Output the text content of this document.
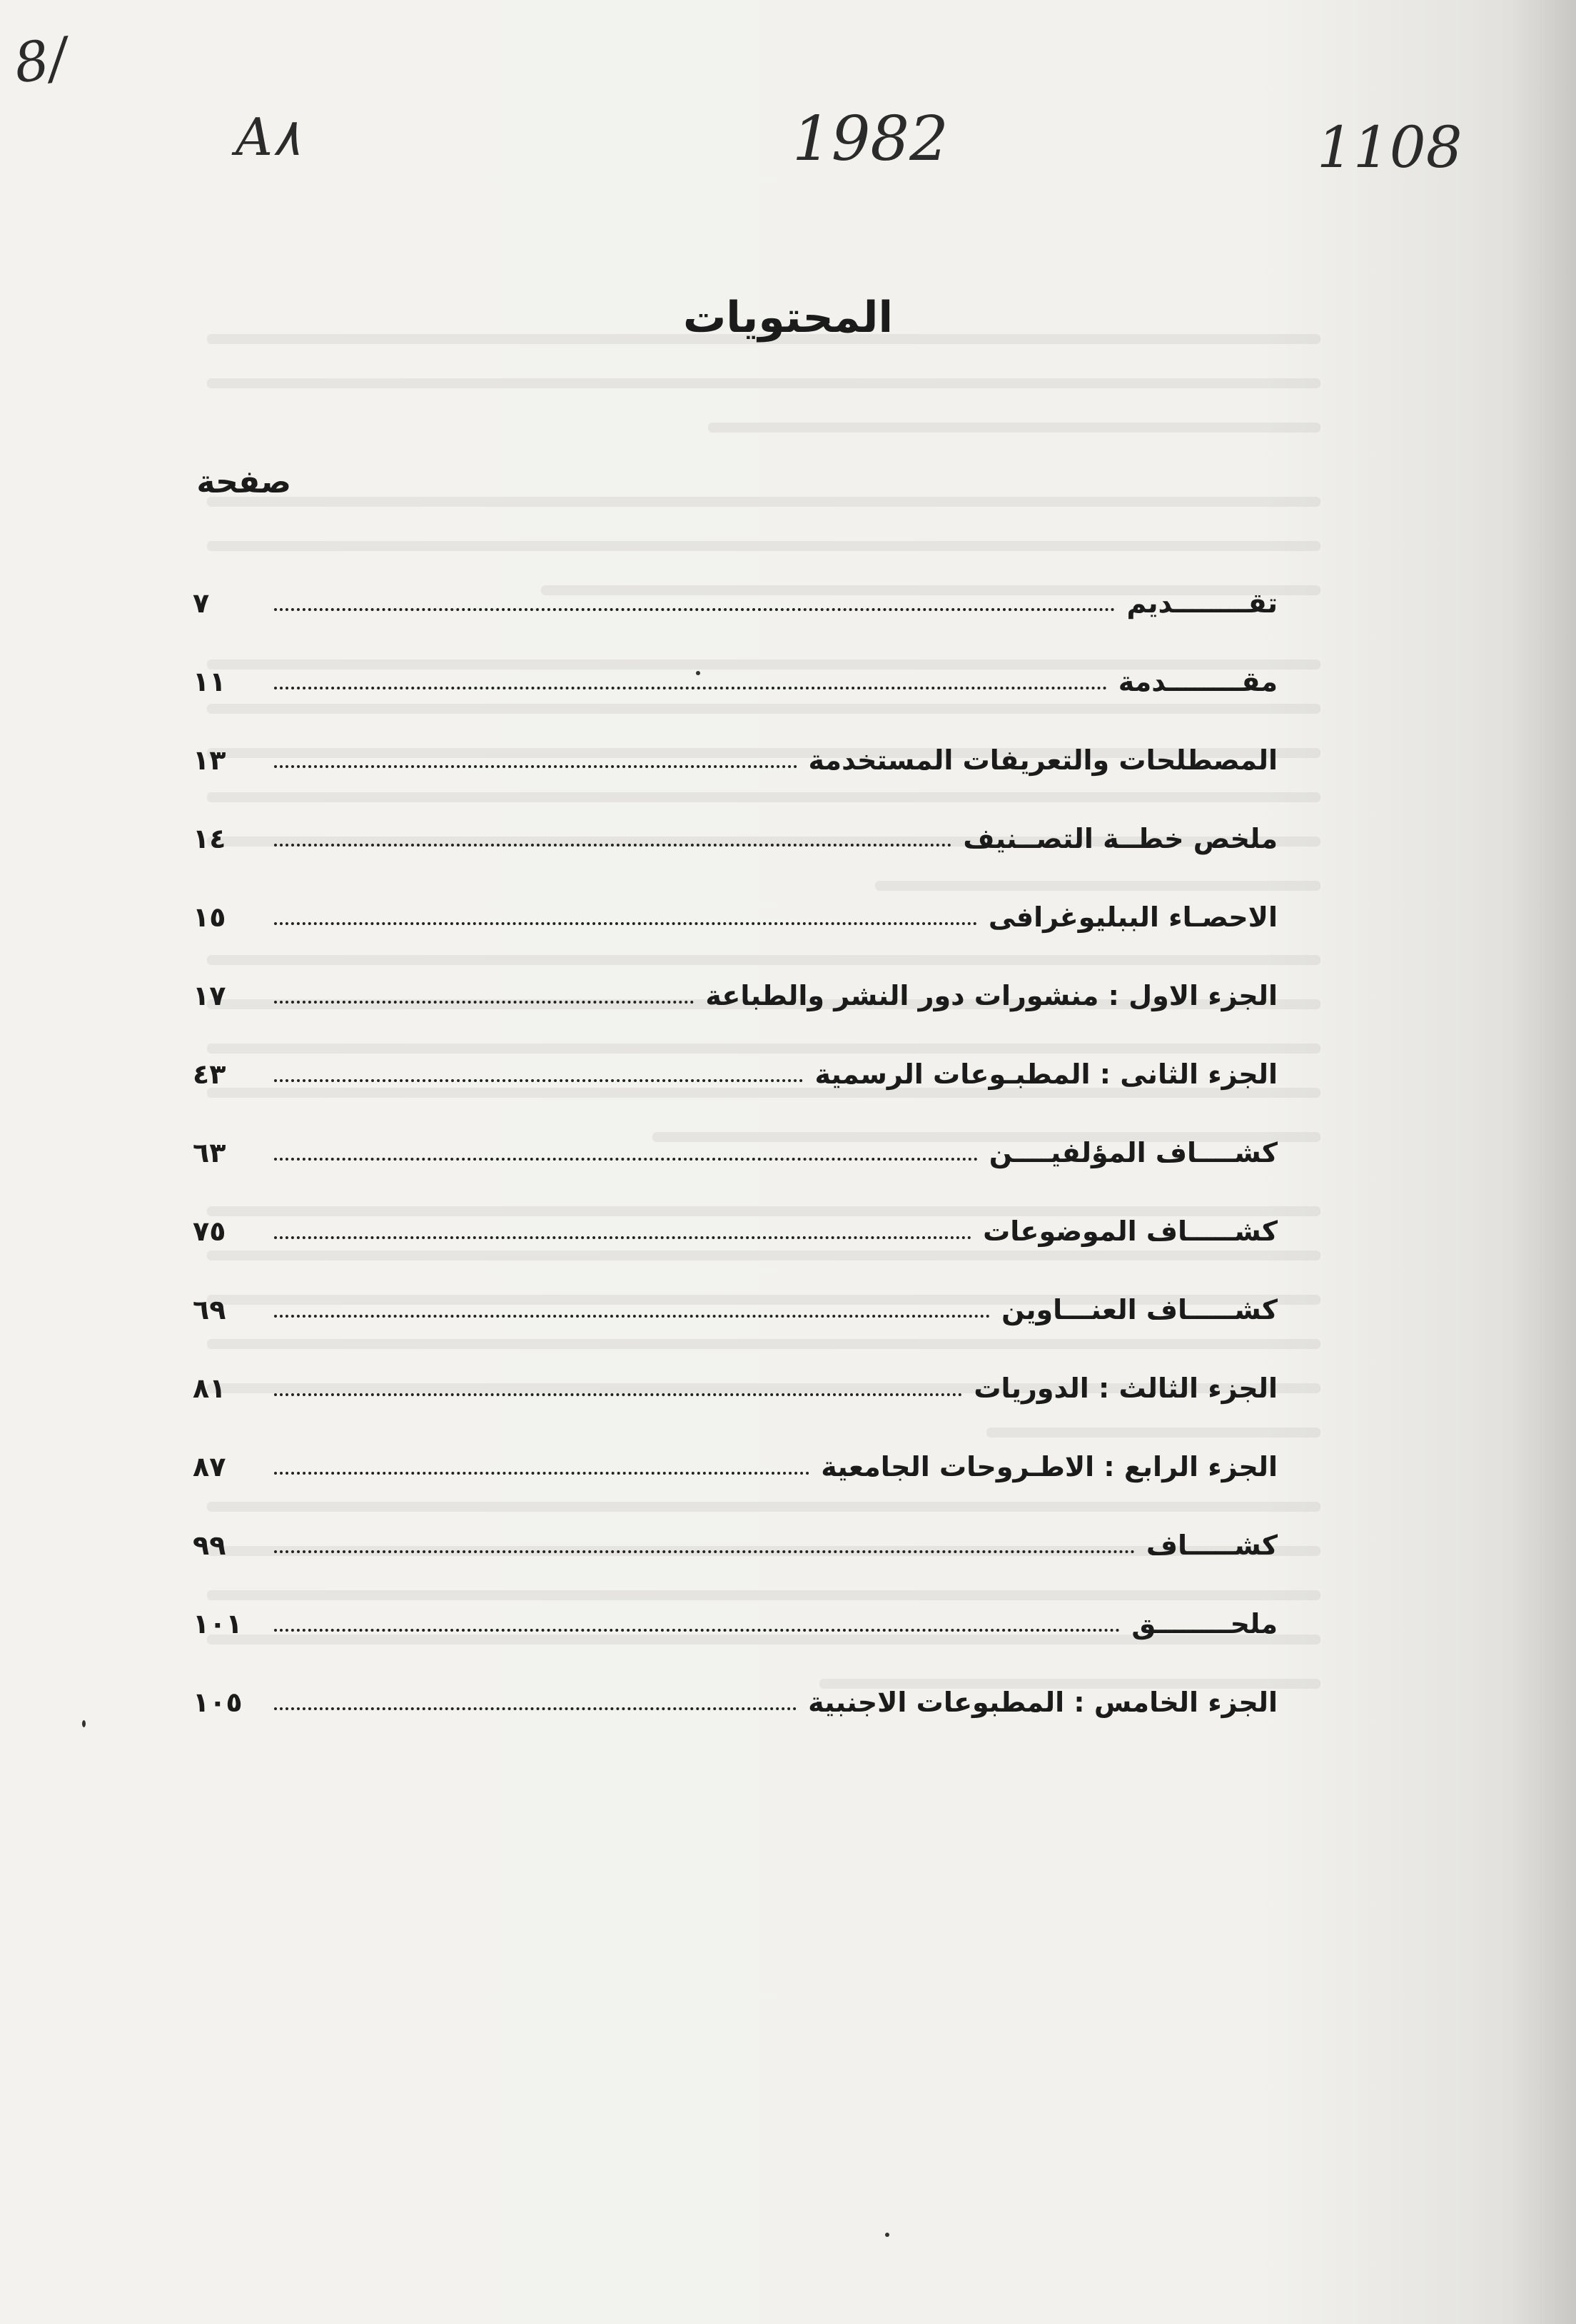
8/
A٨	1982	1108
المحتويات
صفحة
تقــــــــديم
٧
مقــــــــدمة
١١
المصطلحات والتعريفات المستخدمة
١٣
ملخص خطــة التصــنيف
١٤
الاحصـاء الببليوغرافى
١٥
الجزء الاول : منشورات دور النشر والطباعة
١٧
الجزء الثانى : المطبـوعات الرسمية
٤٣
كشــــاف المؤلفيــــن
٦٣
كشـــــاف الموضوعات
٧٥
كشـــــاف العنـــاوين
٦٩
الجزء الثالث : الدوريات
٨١
الجزء الرابع : الاطـروحات الجامعية
٨٧
كشـــــاف
٩٩
ملحــــــــق
١٠١
الجزء الخامس : المطبوعات الاجنبية
١٠٥
